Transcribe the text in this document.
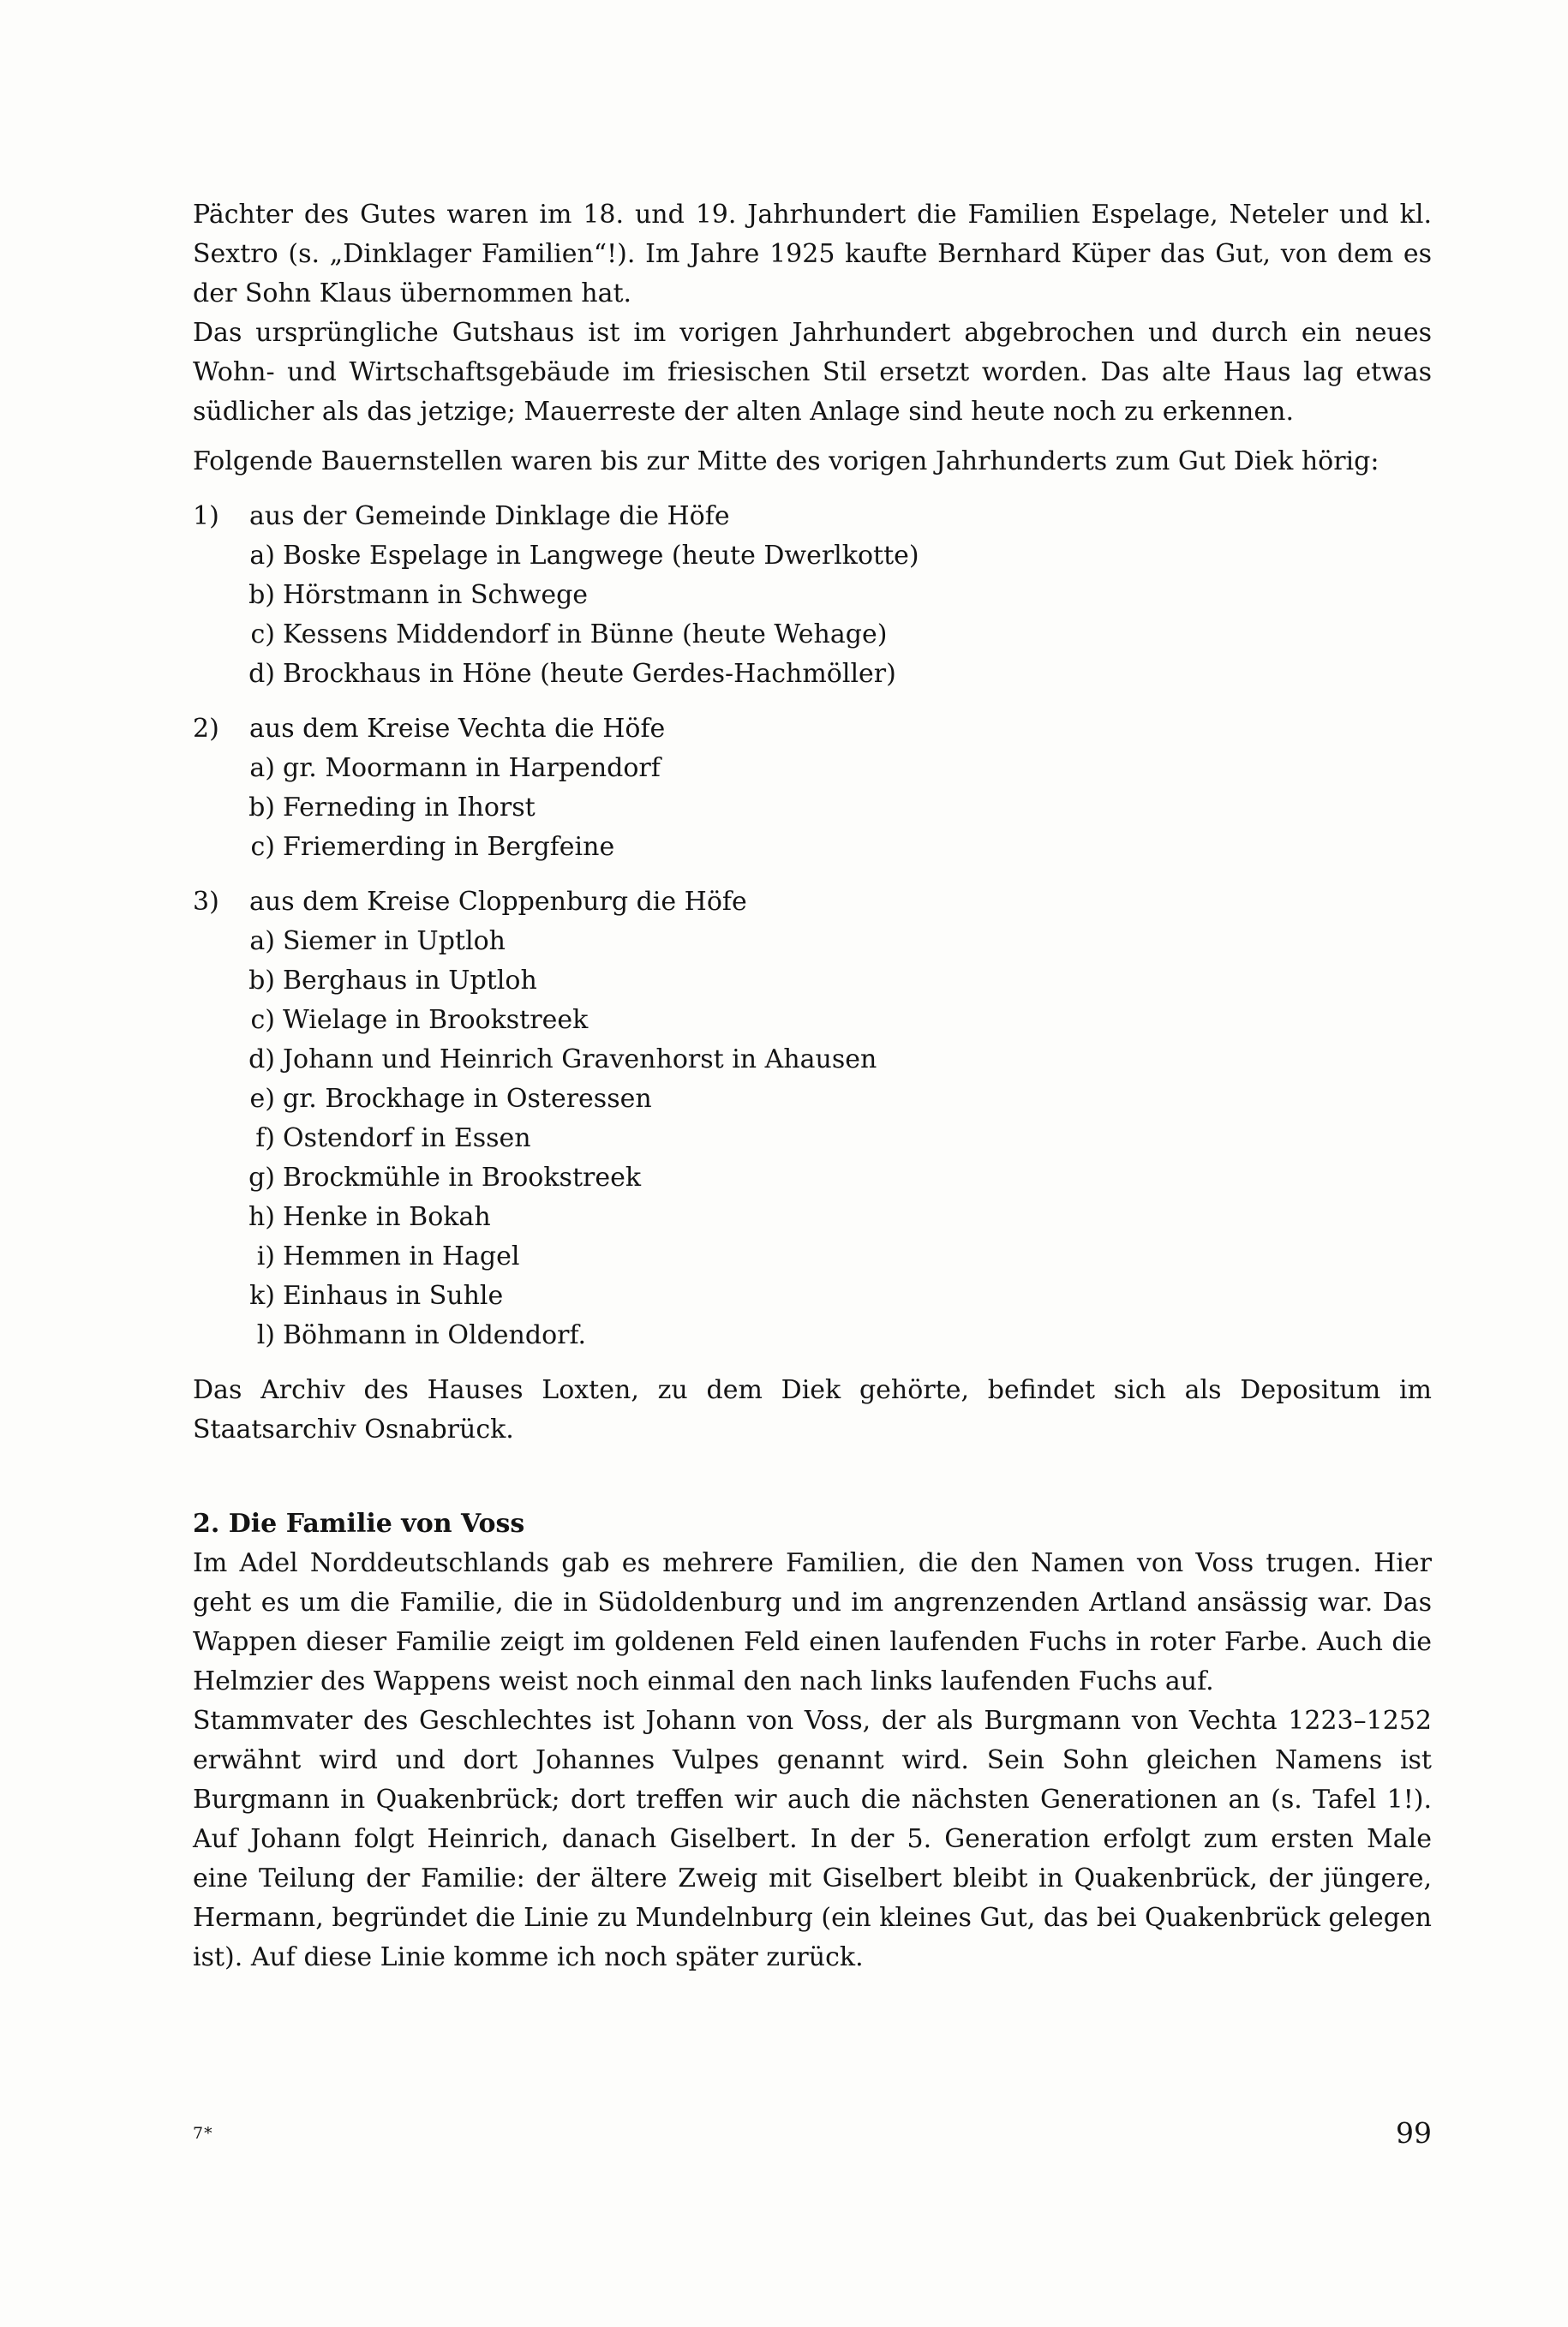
Pächter des Gutes waren im 18. und 19. Jahrhundert die Familien Espelage, Neteler und kl. Sextro (s. „Dinklager Familien“!). Im Jahre 1925 kaufte Bernhard Küper das Gut, von dem es der Sohn Klaus übernommen hat.

Das ursprüngliche Gutshaus ist im vorigen Jahrhundert abgebrochen und durch ein neues Wohn- und Wirtschaftsgebäude im friesischen Stil ersetzt worden. Das alte Haus lag etwas südlicher als das jetzige; Mauerreste der alten Anlage sind heute noch zu erkennen.

Folgende Bauernstellen waren bis zur Mitte des vorigen Jahrhunderts zum Gut Diek hörig:

1)	aus der Gemeinde Dinklage die Höfe
a) Boske Espelage in Langwege (heute Dwerlkotte)
b) Hörstmann in Schwege
c) Kessens Middendorf in Bünne (heute Wehage)
d) Brockhaus in Höne (heute Gerdes-Hachmöller)
2)	aus dem Kreise Vechta die Höfe
a) gr. Moormann in Harpendorf
b) Ferneding in Ihorst
c) Friemerding in Bergfeine
3)	aus dem Kreise Cloppenburg die Höfe
a) Siemer in Uptloh
b) Berghaus in Uptloh
c) Wielage in Brookstreek
d) Johann und Heinrich Gravenhorst in Ahausen
e) gr. Brockhage in Osteressen
f) Ostendorf in Essen
g) Brockmühle in Brookstreek
h) Henke in Bokah
i) Hemmen in Hagel
k) Einhaus in Suhle
l) Böhmann in Oldendorf.

Das Archiv des Hauses Loxten, zu dem Diek gehörte, befindet sich als Depositum im Staatsarchiv Osnabrück.

2. Die Familie von Voss

Im Adel Norddeutschlands gab es mehrere Familien, die den Namen von Voss trugen. Hier geht es um die Familie, die in Südoldenburg und im angrenzenden Artland ansässig war. Das Wappen dieser Familie zeigt im goldenen Feld einen laufenden Fuchs in roter Farbe. Auch die Helmzier des Wappens weist noch einmal den nach links laufenden Fuchs auf.

Stammvater des Geschlechtes ist Johann von Voss, der als Burgmann von Vechta 1223–1252 erwähnt wird und dort Johannes Vulpes genannt wird. Sein Sohn gleichen Namens ist Burgmann in Quakenbrück; dort treffen wir auch die nächsten Generationen an (s. Tafel 1!). Auf Johann folgt Heinrich, danach Giselbert. In der 5. Generation erfolgt zum ersten Male eine Teilung der Familie: der ältere Zweig mit Giselbert bleibt in Quakenbrück, der jüngere, Hermann, begründet die Linie zu Mundelnburg (ein kleines Gut, das bei Quakenbrück gelegen ist). Auf diese Linie komme ich noch später zurück.

7*	99
